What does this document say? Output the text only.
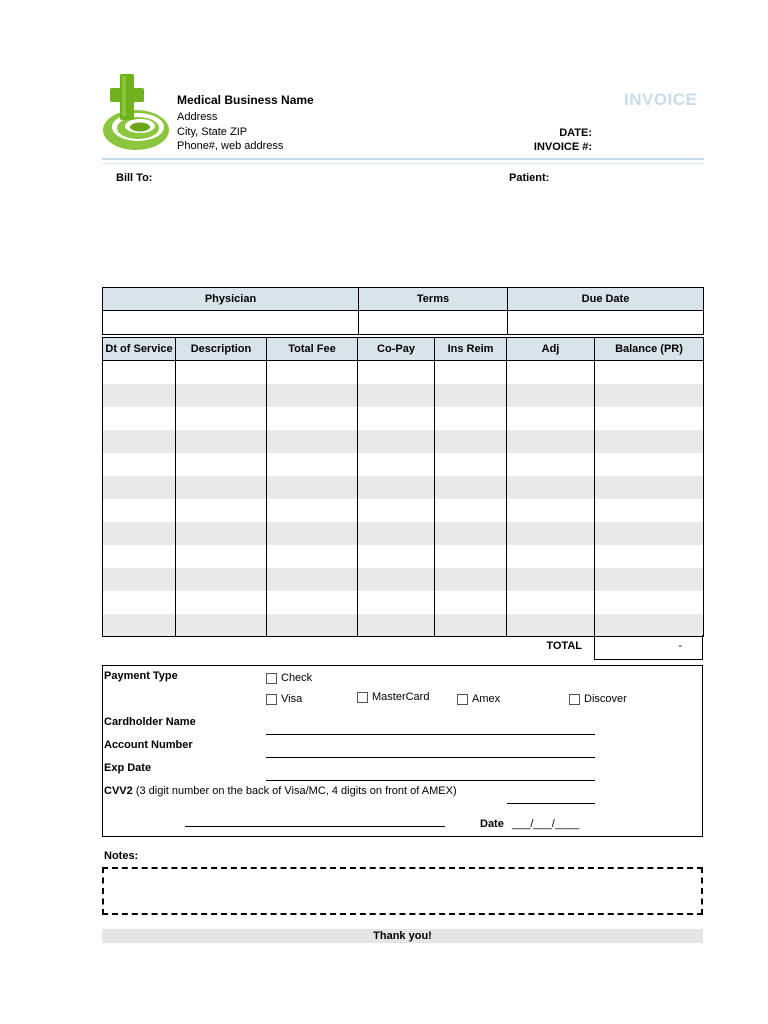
Medical Business Name
Address
City, State ZIP
Phone#, web address
INVOICE
DATE:
INVOICE #:
Bill To:	Patient:
Physician	Terms	Due Date

Dt of Service	Description	Total Fee	Co-Pay	Ins Reim	Adj	Balance (PR)

TOTAL	-
Payment Type	Check
Visa	MasterCard	Amex	Discover
Cardholder Name
Account Number
Exp Date
CVV2 (3 digit number on the back of Visa/MC, 4 digits on front of AMEX)
Date ___/___/____
Notes:
Thank you!
